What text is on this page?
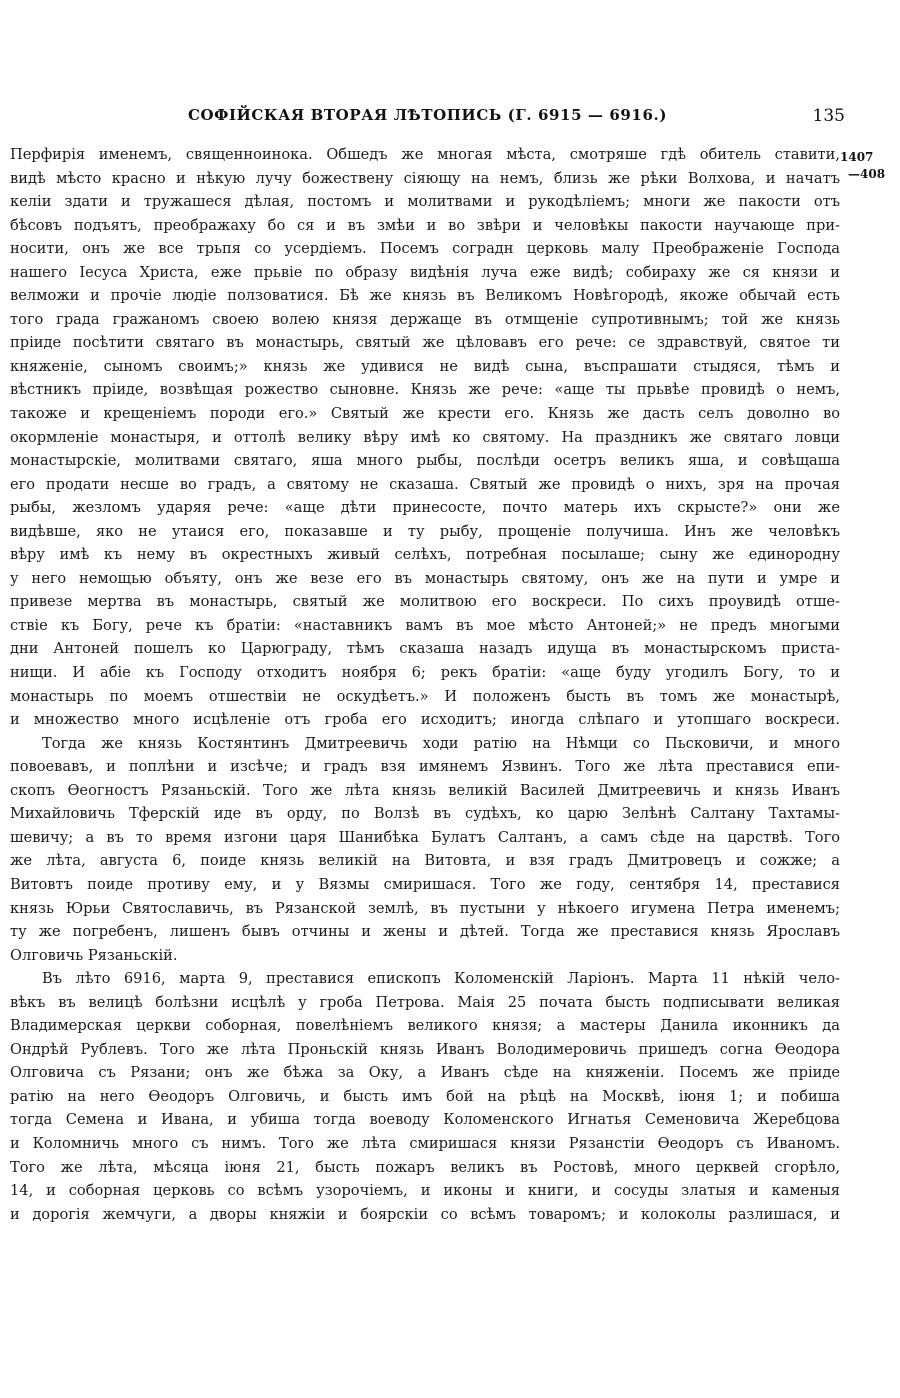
СОФІЙСКАЯ ВТОРАЯ ЛѢТОПИСЬ (Г. 6915 — 6916.)	135
1407
—408
Перфирія именемъ, священноинока. Обшедъ же многая мѣста, смотряше гдѣ обитель ставити,
видѣ мѣсто красно и нѣкую лучу божествену сіяющу на немъ, близь же рѣки Волхова, и начатъ
келіи здати и тружашеся дѣлая, постомъ и молитвами и рукодѣліемъ; многи же пакости отъ
бѣсовъ подъятъ, преображаху бо ся и въ змѣи и во звѣри и человѣкы пакости научающе при-
носити, онъ же все трьпя со усердіемъ. Посемъ соградн церковь малу Преображеніе Господа
нашего Іесуса Христа, еже прьвіе по образу видѣнія луча еже видѣ; собираху же ся князи и
велможи и прочіе людіе ползоватися. Бѣ же князь въ Великомъ Новѣгородѣ, якоже обычай есть
того града гражаномъ своею волею князя держаще въ отмщеніе супротивнымъ; той же князь
пріиде посѣтити святаго въ монастырь, святый же цѣловавъ его рече: се здравствуй, святое ти
княженіе, сыномъ своимъ;» князь же удивися не видѣ сына, въспрашати стыдяся, тѣмъ и
вѣстникъ пріиде, возвѣщая рожество сыновне. Князь же рече: «аще ты прьвѣе провидѣ о немъ,
такоже и крещеніемъ породи его.» Святый же крести его. Князь же дасть селъ доволно во
окормленіе монастыря, и оттолѣ велику вѣру имѣ ко святому. На праздникъ же святаго ловци
монастырскіе, молитвами святаго, яша много рыбы, послѣди осетръ великъ яша, и совѣщаша
его продати несше во градъ, а святому не сказаша. Святый же провидѣ о нихъ, зря на прочая
рыбы, жезломъ ударяя рече: «аще дѣти принесосте, почто матерь ихъ скрысте?» они же
видѣвше, яко не утаися его, показавше и ту рыбу, прощеніе получиша. Инъ же человѣкъ
вѣру имѣ къ нему въ окрестныхъ живый селѣхъ, потребная посылаше; сыну же единородну
у него немощью объяту, онъ же везе его въ монастырь святому, онъ же на пути и умре и
привезе мертва въ монастырь, святый же молитвою его воскреси. По сихъ проувидѣ отше-
ствіе къ Богу, рече къ братіи: «наставникъ вамъ въ мое мѣсто Антоней;» не предъ многыми
дни Антоней пошелъ ко Царюграду, тѣмъ сказаша назадъ идуща въ монастырскомъ приста-
нищи. И абіе къ Господу отходитъ ноября 6; рекъ братіи: «аще буду угодилъ Богу, то и
монастырь по моемъ отшествіи не оскудѣетъ.» И положенъ бысть въ томъ же монастырѣ,
и множество много исцѣленіе отъ гроба его исходитъ; иногда слѣпаго и утопшаго воскреси.
Тогда же князь Костянтинъ Дмитреевичь ходи ратію на Нѣмци со Пьсковичи, и много
повоевавъ, и поплѣни и изсѣче; и градъ взя имянемъ Язвинъ. Того же лѣта преставися епи-
скопъ Ѳеогностъ Рязаньскій. Того же лѣта князь великій Василей Дмитреевичь и князь Иванъ
Михайловичь Тферскій иде въ орду, по Волзѣ въ судѣхъ, ко царю Зелѣнѣ Салтану Тахтамы-
шевичу; а въ то время изгони царя Шанибѣка Булатъ Салтанъ, а самъ сѣде на царствѣ. Того
же лѣта, августа 6, поиде князь великій на Витовта, и взя градъ Дмитровецъ и сожже; а
Витовтъ поиде противу ему, и у Вязмы смиришася. Того же году, сентября 14, преставися
князь Юрьи Святославичь, въ Рязанской землѣ, въ пустыни у нѣкоего игумена Петра именемъ;
ту же погребенъ, лишенъ бывъ отчины и жены и дѣтей. Тогда же преставися князь Ярославъ
Олговичь Рязаньскій.
Въ лѣто 6916, марта 9, преставися епископъ Коломенскій Ларіонъ. Марта 11 нѣкій чело-
вѣкъ въ велицѣ болѣзни исцѣлѣ у гроба Петрова. Маія 25 почата бысть подписывати великая
Владимерская церкви соборная, повелѣніемъ великого князя; а мастеры Данила иконникъ да
Ондрѣй Рублевъ. Того же лѣта Проньскій князь Иванъ Володимеровичь пришедъ согна Ѳеодора
Олговича съ Рязани; онъ же бѣжа за Оку, а Иванъ сѣде на княженіи. Посемъ же пріиде
ратію на него Ѳеодоръ Олговичь, и бысть имъ бой на рѣцѣ на Москвѣ, іюня 1; и побиша
тогда Семена и Ивана, и убиша тогда воеводу Коломенского Игнатья Семеновича Жеребцова
и Коломничь много съ нимъ. Того же лѣта смиришася князи Рязанстіи Ѳеодоръ съ Иваномъ.
Того же лѣта, мѣсяца іюня 21, бысть пожаръ великъ въ Ростовѣ, много церквей сгорѣло,
14, и соборная церковь со всѣмъ узорочіемъ, и иконы и книги, и сосуды златыя и каменыя
и дорогія жемчуги, а дворы княжіи и боярскіи со всѣмъ товаромъ; и колоколы разлишася, и
